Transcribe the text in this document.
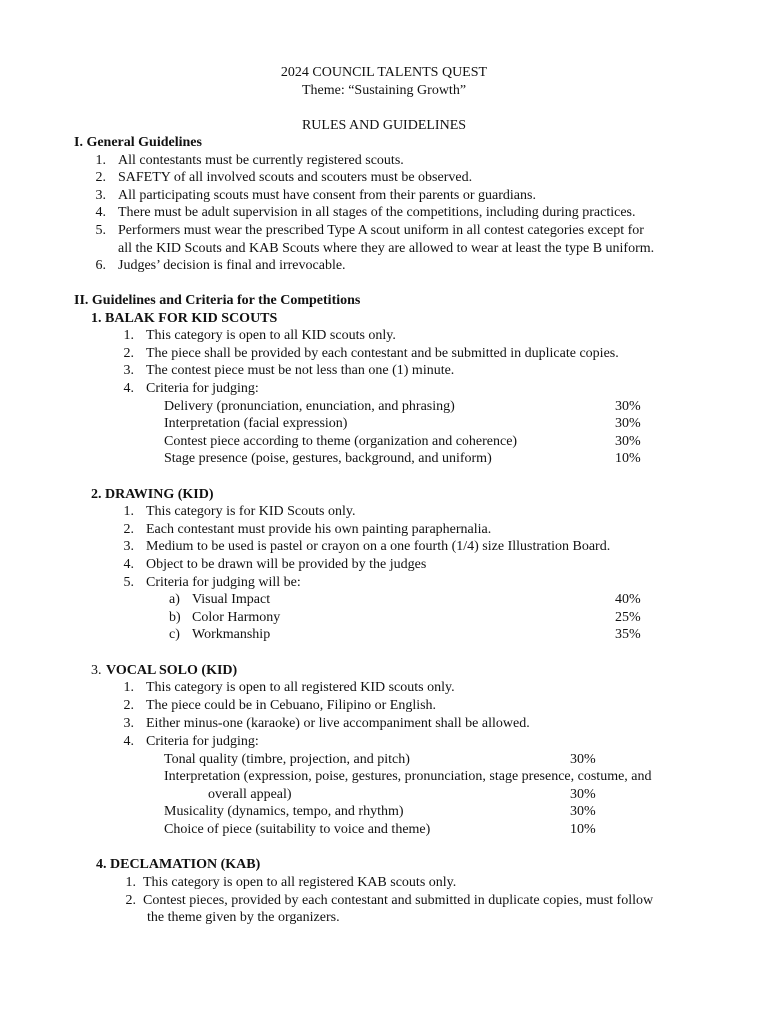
2024 COUNCIL TALENTS QUEST
Theme: “Sustaining Growth”
RULES AND GUIDELINES
I. General Guidelines
1. All contestants must be currently registered scouts.
2. SAFETY of all involved scouts and scouters must be observed.
3. All participating scouts must have consent from their parents or guardians.
4. There must be adult supervision in all stages of the competitions, including during practices.
5. Performers must wear the prescribed Type A scout uniform in all contest categories except for
all the KID Scouts and KAB Scouts where they are allowed to wear at least the type B uniform.
6. Judges’ decision is final and irrevocable.
II. Guidelines and Criteria for the Competitions
1. BALAK FOR KID SCOUTS
1. This category is open to all KID scouts only.
2. The piece shall be provided by each contestant and be submitted in duplicate copies.
3. The contest piece must be not less than one (1) minute.
4. Criteria for judging:
Delivery (pronunciation, enunciation, and phrasing)	30%
Interpretation (facial expression)	30%
Contest piece according to theme (organization and coherence)	30%
Stage presence (poise, gestures, background, and uniform)	10%
2. DRAWING (KID)
1. This category is for KID Scouts only.
2. Each contestant must provide his own painting paraphernalia.
3. Medium to be used is pastel or crayon on a one fourth (1/4) size Illustration Board.
4. Object to be drawn will be provided by the judges
5. Criteria for judging will be:
a) Visual Impact	40%
b) Color Harmony	25%
c) Workmanship	35%
3. VOCAL SOLO (KID)
1. This category is open to all registered KID scouts only.
2. The piece could be in Cebuano, Filipino or English.
3. Either minus-one (karaoke) or live accompaniment shall be allowed.
4. Criteria for judging:
Tonal quality (timbre, projection, and pitch)	30%
Interpretation (expression, poise, gestures, pronunciation, stage presence, costume, and
overall appeal)	30%
Musicality (dynamics, tempo, and rhythm)	30%
Choice of piece (suitability to voice and theme)	10%
4. DECLAMATION (KAB)
1. This category is open to all registered KAB scouts only.
2. Contest pieces, provided by each contestant and submitted in duplicate copies, must follow
the theme given by the organizers.
